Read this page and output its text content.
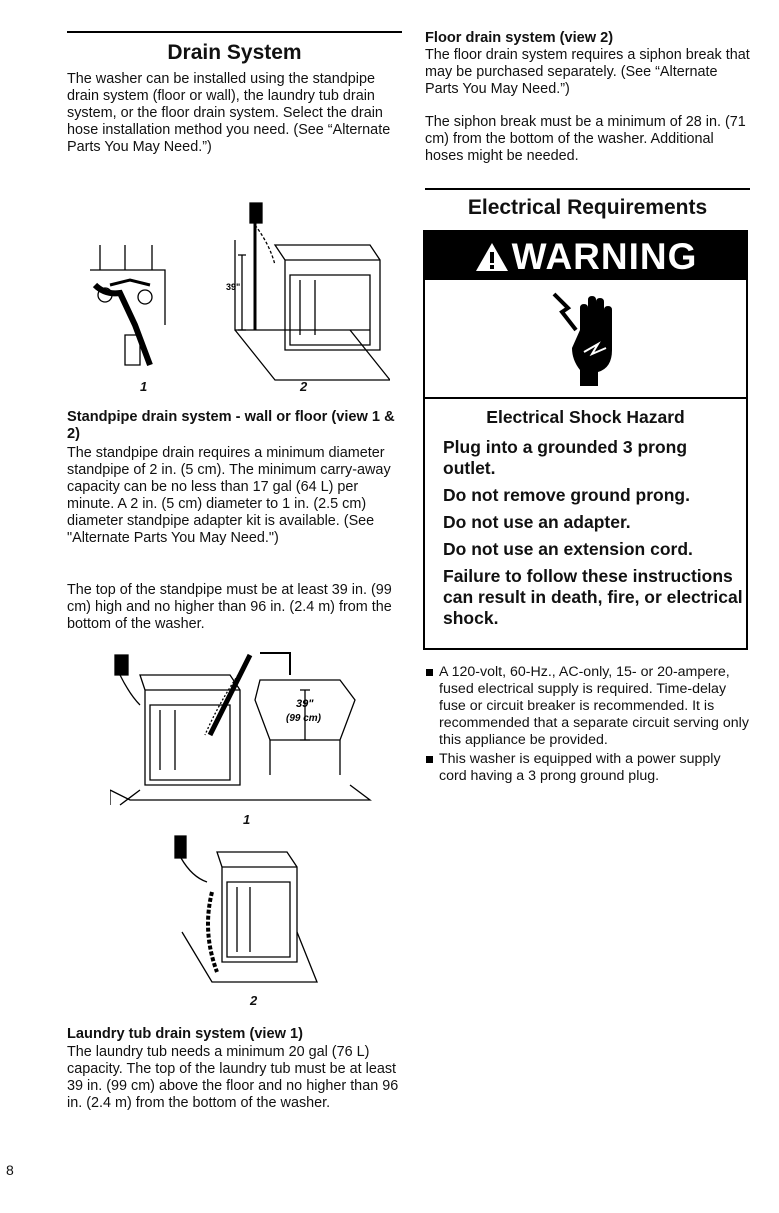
Drain System
The washer can be installed using the standpipe drain system (floor or wall), the laundry tub drain system, or the floor drain system. Select the drain hose installation method you need. (See “Alternate Parts You May Need.”)
39"
1	2
Standpipe drain system - wall or floor (view 1 & 2)
The standpipe drain requires a minimum diameter standpipe of 2 in. (5 cm). The minimum carry-away capacity can be no less than 17 gal (64 L) per minute. A 2 in. (5 cm) diameter to 1 in. (2.5 cm) diameter standpipe adapter kit is available. (See "Alternate Parts You May Need.")
The top of the standpipe must be at least 39 in. (99 cm) high and no higher than 96 in. (2.4 m) from the bottom of the washer.
39"
(99 cm)
1
2
Laundry tub drain system (view 1)
The laundry tub needs a minimum 20 gal (76 L) capacity. The top of the laundry tub must be at least 39 in. (99 cm) above the floor and no higher than 96 in. (2.4 m) from the bottom of the washer.
Floor drain system (view 2)
The floor drain system requires a siphon break that may be purchased separately. (See “Alternate Parts You May Need.”)
The siphon break must be a minimum of 28 in. (71 cm) from the bottom of the washer. Additional hoses might be needed.
Electrical Requirements
WARNING
Electrical Shock Hazard
Plug into a grounded 3 prong outlet.
Do not remove ground prong.
Do not use an adapter.
Do not use an extension cord.
Failure to follow these instructions can result in death, fire, or electrical shock.
A 120-volt, 60-Hz., AC-only, 15- or 20-ampere, fused electrical supply is required. Time-delay fuse or circuit breaker is recommended. It is recommended that a separate circuit serving only this appliance be provided.
This washer is equipped with a power supply cord having a 3 prong ground plug.
8
